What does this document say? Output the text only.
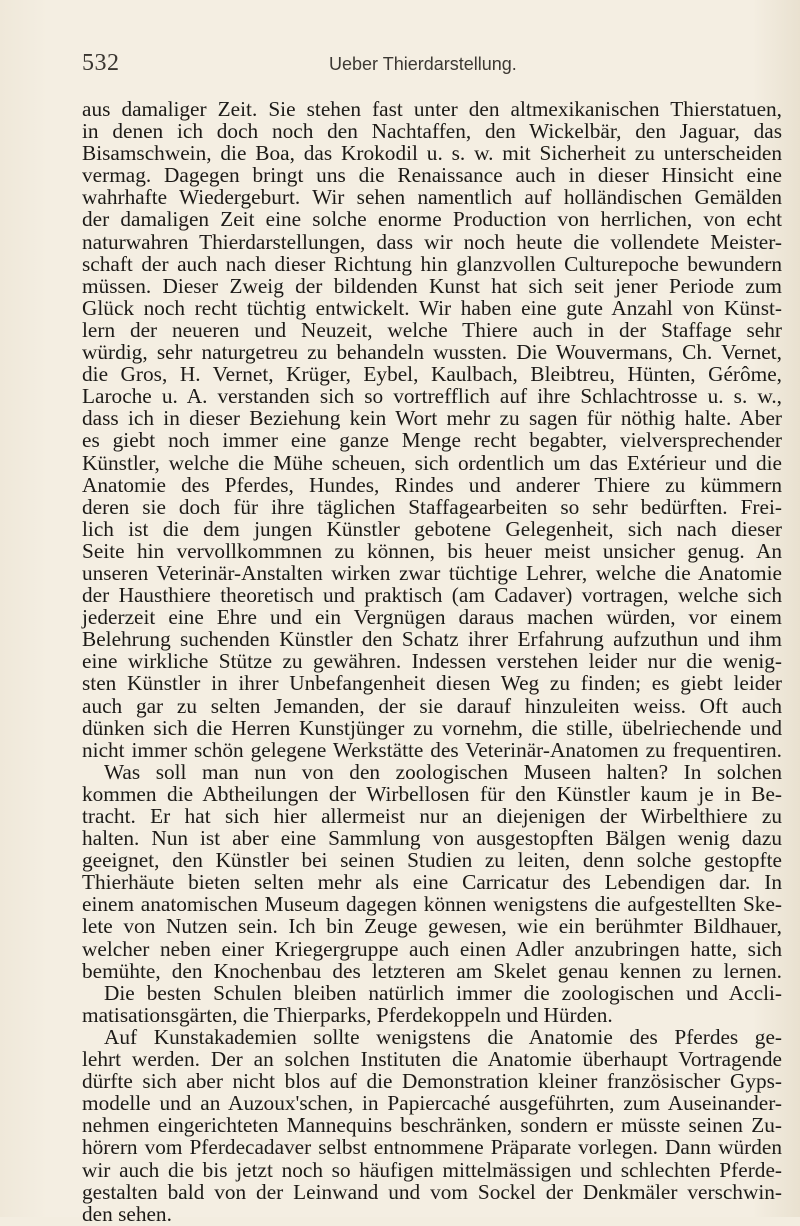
532	Ueber Thierdarstellung.
aus damaliger Zeit. Sie stehen fast unter den altmexikanischen Thierstatuen,
in denen ich doch noch den Nachtaffen, den Wickelbär, den Jaguar, das
Bisamschwein, die Boa, das Krokodil u. s. w. mit Sicherheit zu unterscheiden
vermag. Dagegen bringt uns die Renaissance auch in dieser Hinsicht eine
wahrhafte Wiedergeburt. Wir sehen namentlich auf holländischen Gemälden
der damaligen Zeit eine solche enorme Production von herrlichen, von echt
naturwahren Thierdarstellungen, dass wir noch heute die vollendete Meister-
schaft der auch nach dieser Richtung hin glanzvollen Culturepoche bewundern
müssen. Dieser Zweig der bildenden Kunst hat sich seit jener Periode zum
Glück noch recht tüchtig entwickelt. Wir haben eine gute Anzahl von Künst-
lern der neueren und Neuzeit, welche Thiere auch in der Staffage sehr
würdig, sehr naturgetreu zu behandeln wussten. Die Wouvermans, Ch. Vernet,
die Gros, H. Vernet, Krüger, Eybel, Kaulbach, Bleibtreu, Hünten, Gérôme,
Laroche u. A. verstanden sich so vortrefflich auf ihre Schlachtrosse u. s. w.,
dass ich in dieser Beziehung kein Wort mehr zu sagen für nöthig halte. Aber
es giebt noch immer eine ganze Menge recht begabter, vielversprechender
Künstler, welche die Mühe scheuen, sich ordentlich um das Extérieur und die
Anatomie des Pferdes, Hundes, Rindes und anderer Thiere zu kümmern
deren sie doch für ihre täglichen Staffagearbeiten so sehr bedürften. Frei-
lich ist die dem jungen Künstler gebotene Gelegenheit, sich nach dieser
Seite hin vervollkommnen zu können, bis heuer meist unsicher genug. An
unseren Veterinär-Anstalten wirken zwar tüchtige Lehrer, welche die Anatomie
der Hausthiere theoretisch und praktisch (am Cadaver) vortragen, welche sich
jederzeit eine Ehre und ein Vergnügen daraus machen würden, vor einem
Belehrung suchenden Künstler den Schatz ihrer Erfahrung aufzuthun und ihm
eine wirkliche Stütze zu gewähren. Indessen verstehen leider nur die wenig-
sten Künstler in ihrer Unbefangenheit diesen Weg zu finden; es giebt leider
auch gar zu selten Jemanden, der sie darauf hinzuleiten weiss. Oft auch
dünken sich die Herren Kunstjünger zu vornehm, die stille, übelriechende und
nicht immer schön gelegene Werkstätte des Veterinär-Anatomen zu frequentiren.
Was soll man nun von den zoologischen Museen halten? In solchen
kommen die Abtheilungen der Wirbellosen für den Künstler kaum je in Be-
tracht. Er hat sich hier allermeist nur an diejenigen der Wirbelthiere zu
halten. Nun ist aber eine Sammlung von ausgestopften Bälgen wenig dazu
geeignet, den Künstler bei seinen Studien zu leiten, denn solche gestopfte
Thierhäute bieten selten mehr als eine Carricatur des Lebendigen dar. In
einem anatomischen Museum dagegen können wenigstens die aufgestellten Ske-
lete von Nutzen sein. Ich bin Zeuge gewesen, wie ein berühmter Bildhauer,
welcher neben einer Kriegergruppe auch einen Adler anzubringen hatte, sich
bemühte, den Knochenbau des letzteren am Skelet genau kennen zu lernen.
Die besten Schulen bleiben natürlich immer die zoologischen und Accli-
matisationsgärten, die Thierparks, Pferdekoppeln und Hürden.
Auf Kunstakademien sollte wenigstens die Anatomie des Pferdes ge-
lehrt werden. Der an solchen Instituten die Anatomie überhaupt Vortragende
dürfte sich aber nicht blos auf die Demonstration kleiner französischer Gyps-
modelle und an Auzoux'schen, in Papiercaché ausgeführten, zum Auseinander-
nehmen eingerichteten Mannequins beschränken, sondern er müsste seinen Zu-
hörern vom Pferdecadaver selbst entnommene Präparate vorlegen. Dann würden
wir auch die bis jetzt noch so häufigen mittelmässigen und schlechten Pferde-
gestalten bald von der Leinwand und vom Sockel der Denkmäler verschwin-
den sehen.
